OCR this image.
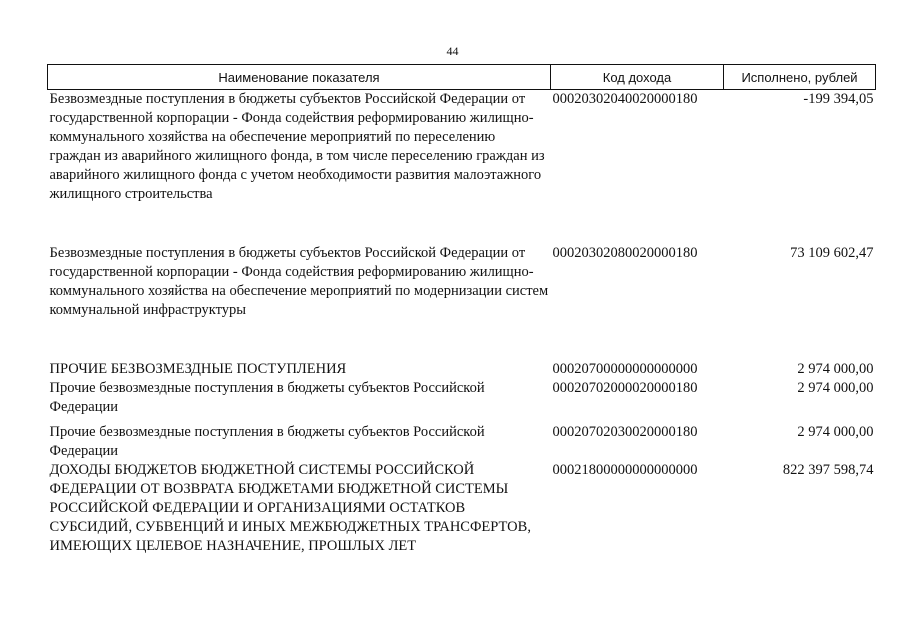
44
Наименование показателя	Код дохода	Исполнено, рублей
Безвозмездные поступления в бюджеты субъектов Российской Федерации от государственной корпорации - Фонда содействия реформированию жилищно-коммунального хозяйства на обеспечение мероприятий по переселению граждан из аварийного жилищного фонда, в том числе переселению граждан из аварийного жилищного фонда с учетом необходимости развития малоэтажного жилищного строительства	00020302040020000180	-199 394,05
Безвозмездные поступления в бюджеты субъектов Российской Федерации от государственной корпорации - Фонда содействия реформированию жилищно-коммунального хозяйства на обеспечение мероприятий по модернизации систем коммунальной инфраструктуры	00020302080020000180	73 109 602,47
ПРОЧИЕ БЕЗВОЗМЕЗДНЫЕ ПОСТУПЛЕНИЯ	00020700000000000000	2 974 000,00
Прочие безвозмездные поступления в бюджеты субъектов Российской Федерации	00020702000020000180	2 974 000,00
Прочие безвозмездные поступления в бюджеты субъектов Российской Федерации	00020702030020000180	2 974 000,00
ДОХОДЫ БЮДЖЕТОВ БЮДЖЕТНОЙ СИСТЕМЫ РОССИЙСКОЙ ФЕДЕРАЦИИ ОТ ВОЗВРАТА БЮДЖЕТАМИ БЮДЖЕТНОЙ СИСТЕМЫ РОССИЙСКОЙ ФЕДЕРАЦИИ И ОРГАНИЗАЦИЯМИ ОСТАТКОВ СУБСИДИЙ, СУБВЕНЦИЙ И ИНЫХ МЕЖБЮДЖЕТНЫХ ТРАНСФЕРТОВ, ИМЕЮЩИХ ЦЕЛЕВОЕ НАЗНАЧЕНИЕ, ПРОШЛЫХ ЛЕТ	00021800000000000000	822 397 598,74
